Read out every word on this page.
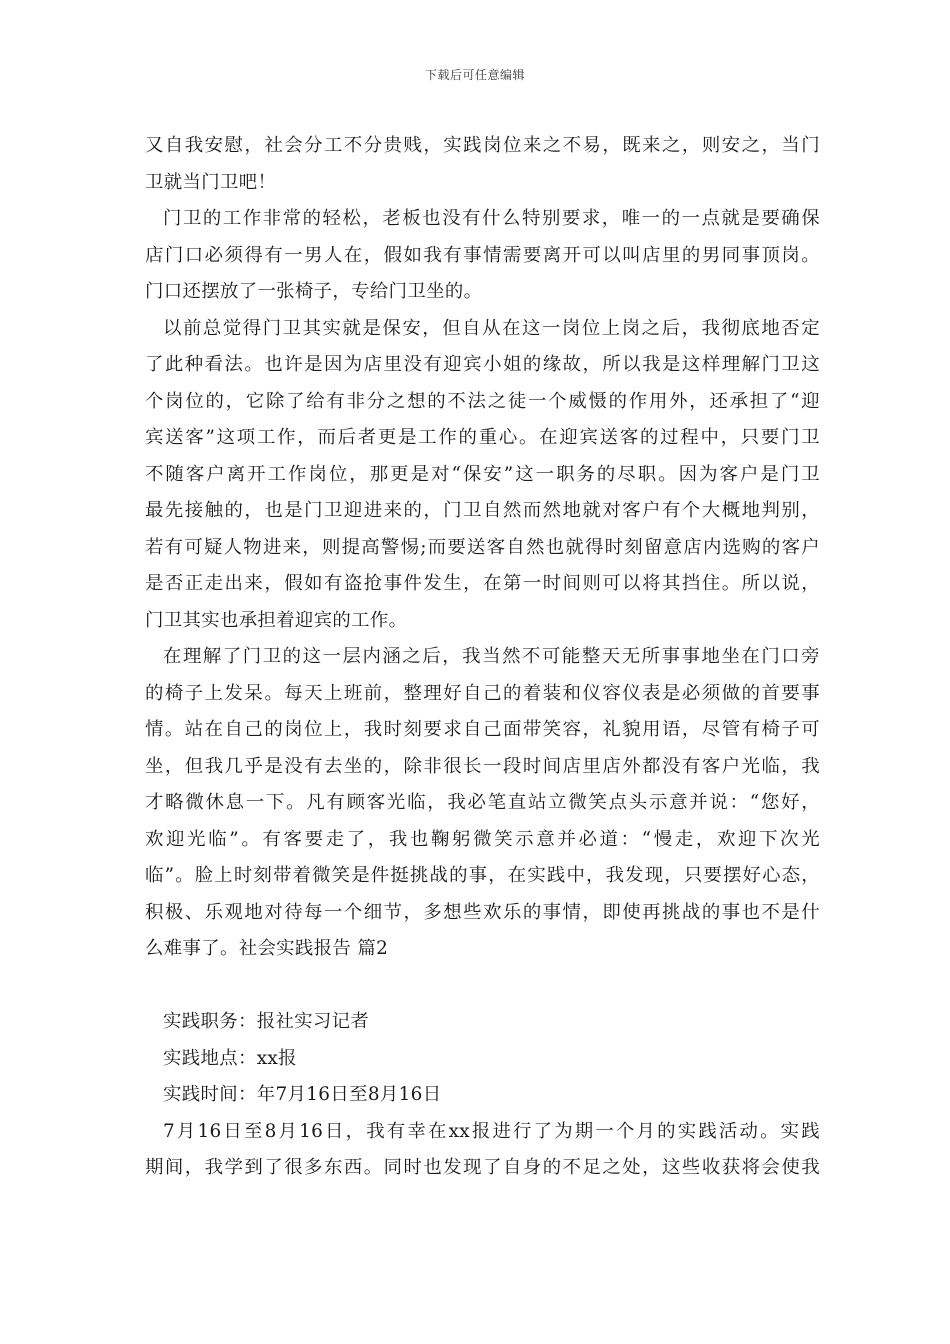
下载后可任意编辑
又自我安慰，社会分工不分贵贱，实践岗位来之不易，既来之，则安之，当门
卫就当门卫吧！
门卫的工作非常的轻松，老板也没有什么特别要求，唯一的一点就是要确保
店门口必须得有一男人在，假如我有事情需要离开可以叫店里的男同事顶岗。
门口还摆放了一张椅子，专给门卫坐的。
以前总觉得门卫其实就是保安，但自从在这一岗位上岗之后，我彻底地否定
了此种看法。也许是因为店里没有迎宾小姐的缘故，所以我是这样理解门卫这
个岗位的，它除了给有非分之想的不法之徒一个威慑的作用外，还承担了“迎
宾送客”这项工作，而后者更是工作的重心。在迎宾送客的过程中，只要门卫
不随客户离开工作岗位，那更是对“保安”这一职务的尽职。因为客户是门卫
最先接触的，也是门卫迎进来的，门卫自然而然地就对客户有个大概地判别，
若有可疑人物进来，则提高警惕;而要送客自然也就得时刻留意店内选购的客户
是否正走出来，假如有盗抢事件发生，在第一时间则可以将其挡住。所以说，
门卫其实也承担着迎宾的工作。
在理解了门卫的这一层内涵之后，我当然不可能整天无所事事地坐在门口旁
的椅子上发呆。每天上班前，整理好自己的着装和仪容仪表是必须做的首要事
情。站在自己的岗位上，我时刻要求自己面带笑容，礼貌用语，尽管有椅子可
坐，但我几乎是没有去坐的，除非很长一段时间店里店外都没有客户光临，我
才略微休息一下。凡有顾客光临，我必笔直站立微笑点头示意并说：“您好，
欢迎光临”。有客要走了，我也鞠躬微笑示意并必道：“慢走，欢迎下次光
临”。脸上时刻带着微笑是件挺挑战的事，在实践中，我发现，只要摆好心态，
积极、乐观地对待每一个细节，多想些欢乐的事情，即使再挑战的事也不是什
么难事了。社会实践报告 篇2
实践职务：报社实习记者
实践地点：xx报
实践时间：年7月16日至8月16日
7月16日至8月16日，我有幸在xx报进行了为期一个月的实践活动。实践
期间，我学到了很多东西。同时也发现了自身的不足之处，这些收获将会使我
